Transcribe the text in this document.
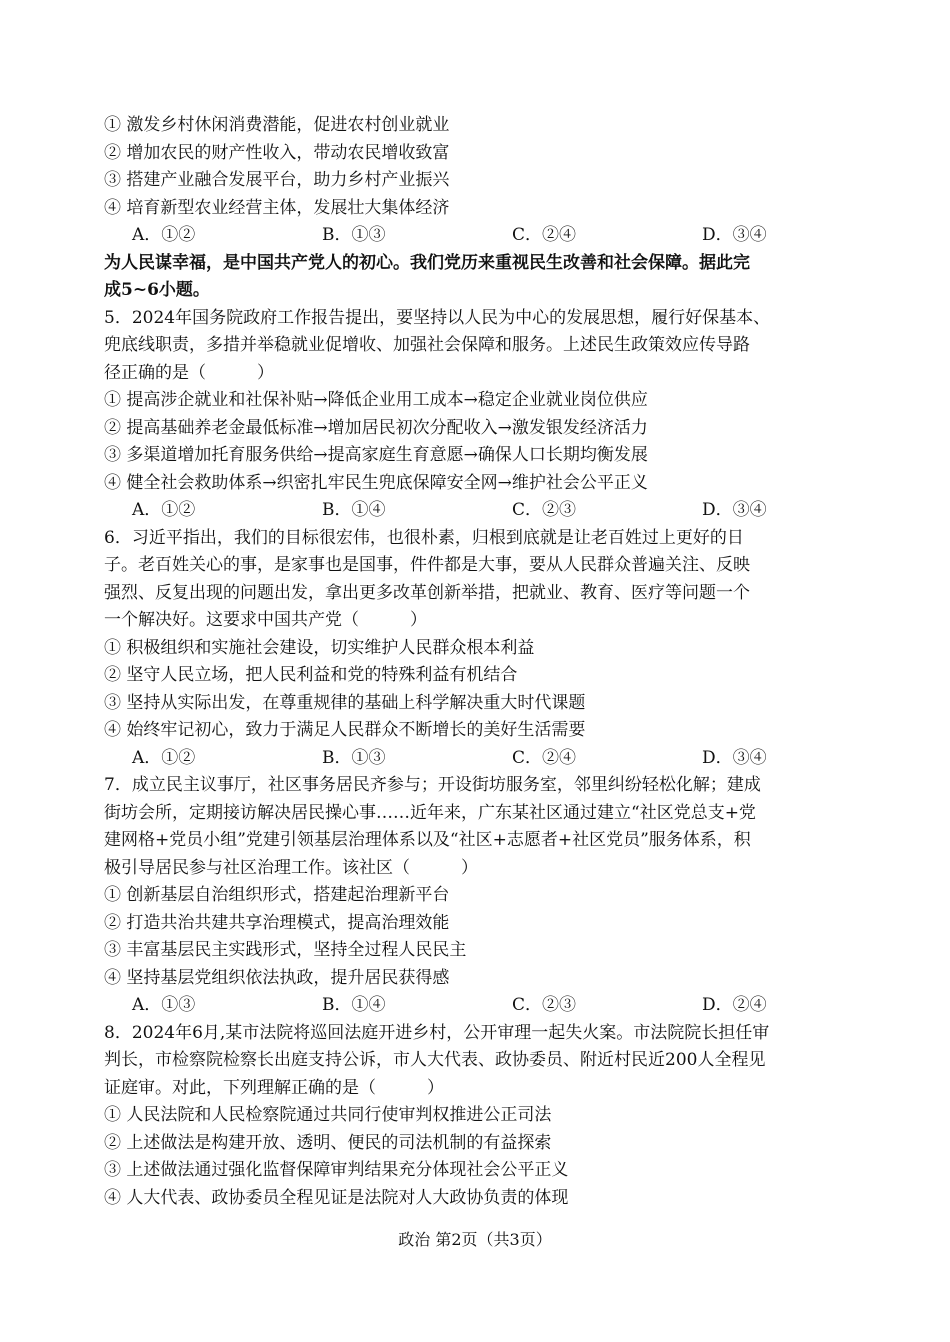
① 激发乡村休闲消费潜能，促进农村创业就业
② 增加农民的财产性收入，带动农民增收致富
③ 搭建产业融合发展平台，助力乡村产业振兴
④ 培育新型农业经营主体，发展壮大集体经济
A．①②	B．①③	C．②④	D．③④
为人民谋幸福，是中国共产党人的初心。我们党历来重视民生改善和社会保障。据此完
成5~6小题。
5．2024年国务院政府工作报告提出，要坚持以人民为中心的发展思想，履行好保基本、
兜底线职责，多措并举稳就业促增收、加强社会保障和服务。上述民生政策效应传导路
径正确的是（　　　）
① 提高涉企就业和社保补贴→降低企业用工成本→稳定企业就业岗位供应
② 提高基础养老金最低标准→增加居民初次分配收入→激发银发经济活力
③ 多渠道增加托育服务供给→提高家庭生育意愿→确保人口长期均衡发展
④ 健全社会救助体系→织密扎牢民生兜底保障安全网→维护社会公平正义
A．①②	B．①④	C．②③	D．③④
6．习近平指出，我们的目标很宏伟，也很朴素，归根到底就是让老百姓过上更好的日
子。老百姓关心的事，是家事也是国事，件件都是大事，要从人民群众普遍关注、反映
强烈、反复出现的问题出发，拿出更多改革创新举措，把就业、教育、医疗等问题一个
一个解决好。这要求中国共产党（　　　）
① 积极组织和实施社会建设，切实维护人民群众根本利益
② 坚守人民立场，把人民利益和党的特殊利益有机结合
③ 坚持从实际出发，在尊重规律的基础上科学解决重大时代课题
④ 始终牢记初心，致力于满足人民群众不断增长的美好生活需要
A．①②	B．①③	C．②④	D．③④
7．成立民主议事厅，社区事务居民齐参与；开设街坊服务室，邻里纠纷轻松化解；建成
街坊会所，定期接访解决居民操心事……近年来，广东某社区通过建立“社区党总支+党
建网格+党员小组”党建引领基层治理体系以及“社区+志愿者+社区党员”服务体系，积
极引导居民参与社区治理工作。该社区（　　　）
① 创新基层自治组织形式，搭建起治理新平台
② 打造共治共建共享治理模式，提高治理效能
③ 丰富基层民主实践形式，坚持全过程人民民主
④ 坚持基层党组织依法执政，提升居民获得感
A．①③	B．①④	C．②③	D．②④
8．2024年6月,某市法院将巡回法庭开进乡村，公开审理一起失火案。市法院院长担任审
判长，市检察院检察长出庭支持公诉，市人大代表、政协委员、附近村民近200人全程见
证庭审。对此，下列理解正确的是（　　　）
① 人民法院和人民检察院通过共同行使审判权推进公正司法
② 上述做法是构建开放、透明、便民的司法机制的有益探索
③ 上述做法通过强化监督保障审判结果充分体现社会公平正义
④ 人大代表、政协委员全程见证是法院对人大政协负责的体现
政治 第2页（共3页）
